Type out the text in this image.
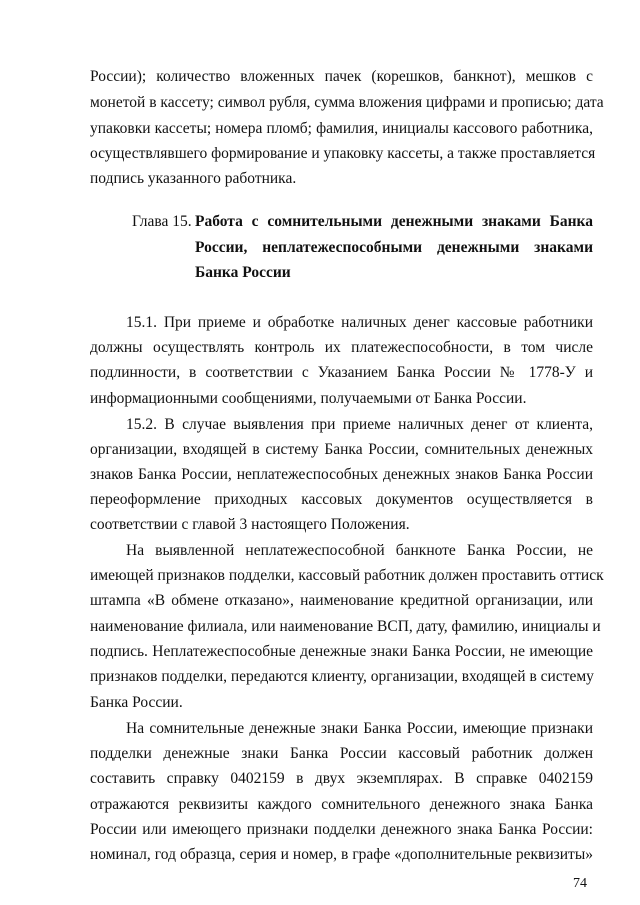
России); количество вложенных пачек (корешков, банкнот), мешков с
монетой в кассету; символ рубля, сумма вложения цифрами и прописью; дата
упаковки кассеты; номера пломб; фамилия, инициалы кассового работника,
осуществлявшего формирование и упаковку кассеты, а также проставляется
подпись указанного работника.
Глава 15. Работа с сомнительными денежными знаками Банка
России, неплатежеспособными денежными знаками
Банка России
15.1. При приеме и обработке наличных денег кассовые работники
должны осуществлять контроль их платежеспособности, в том числе
подлинности, в соответствии с Указанием Банка России № 1778-У и
информационными сообщениями, получаемыми от Банка России.
15.2. В случае выявления при приеме наличных денег от клиента,
организации, входящей в систему Банка России, сомнительных денежных
знаков Банка России, неплатежеспособных денежных знаков Банка России
переоформление приходных кассовых документов осуществляется в
соответствии с главой 3 настоящего Положения.
На выявленной неплатежеспособной банкноте Банка России, не
имеющей признаков подделки, кассовый работник должен проставить оттиск
штампа «В обмене отказано», наименование кредитной организации, или
наименование филиала, или наименование ВСП, дату, фамилию, инициалы и
подпись. Неплатежеспособные денежные знаки Банка России, не имеющие
признаков подделки, передаются клиенту, организации, входящей в систему
Банка России.
На сомнительные денежные знаки Банка России, имеющие признаки
подделки денежные знаки Банка России кассовый работник должен
составить справку 0402159 в двух экземплярах. В справке 0402159
отражаются реквизиты каждого сомнительного денежного знака Банка
России или имеющего признаки подделки денежного знака Банка России:
номинал, год образца, серия и номер, в графе «дополнительные реквизиты»
74
